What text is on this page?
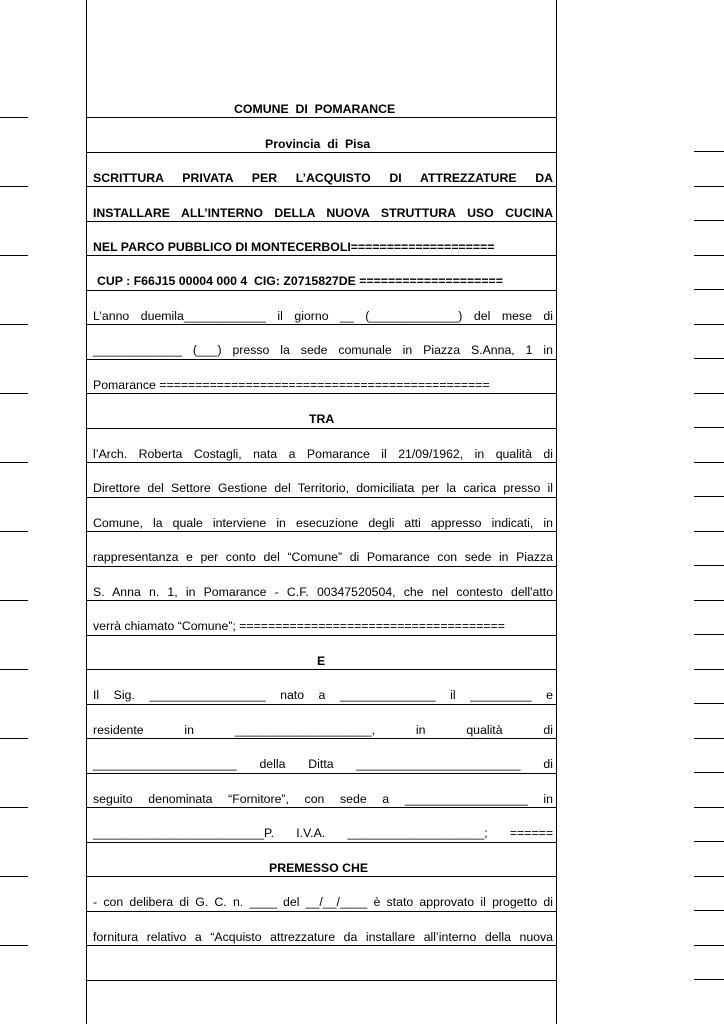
COMUNE  DI  POMARANCE
Provincia  di  Pisa
SCRITTURA PRIVATA PER L’ACQUISTO DI ATTREZZATURE DA
INSTALLARE ALL’INTERNO DELLA NUOVA STRUTTURA USO CUCINA
NEL PARCO PUBBLICO DI MONTECERBOLI====================
CUP : F66J15 00004 000 4  CIG: Z0715827DE ====================
L’anno duemila____________ il giorno __ (_____________) del mese di
_____________ (___) presso la sede comunale in Piazza S.Anna, 1 in
Pomarance ==============================================
TRA
l’Arch. Roberta Costagli, nata a Pomarance il 21/09/1962, in qualità di
Direttore del Settore Gestione del Territorio, domiciliata per la carica presso il
Comune, la quale interviene in esecuzione degli atti appresso indicati, in
rappresentanza e per conto del “Comune” di Pomarance con sede in Piazza
S. Anna n. 1, in Pomarance - C.F. 00347520504, che nel contesto dell'atto
verrà chiamato “Comune”; =====================================
E
Il Sig. _________________ nato a ______________ il _________ e
residente in ____________________, in qualità di
_____________________ della Ditta ________________________ di
seguito denominata “Fornitore”, con sede a __________________ in
_________________________P. I.V.A. ____________________; ======
PREMESSO CHE
- con delibera di G. C. n. ____ del __/__/____ è stato approvato il progetto di
fornitura relativo a “Acquisto attrezzature da installare all’interno della nuova
